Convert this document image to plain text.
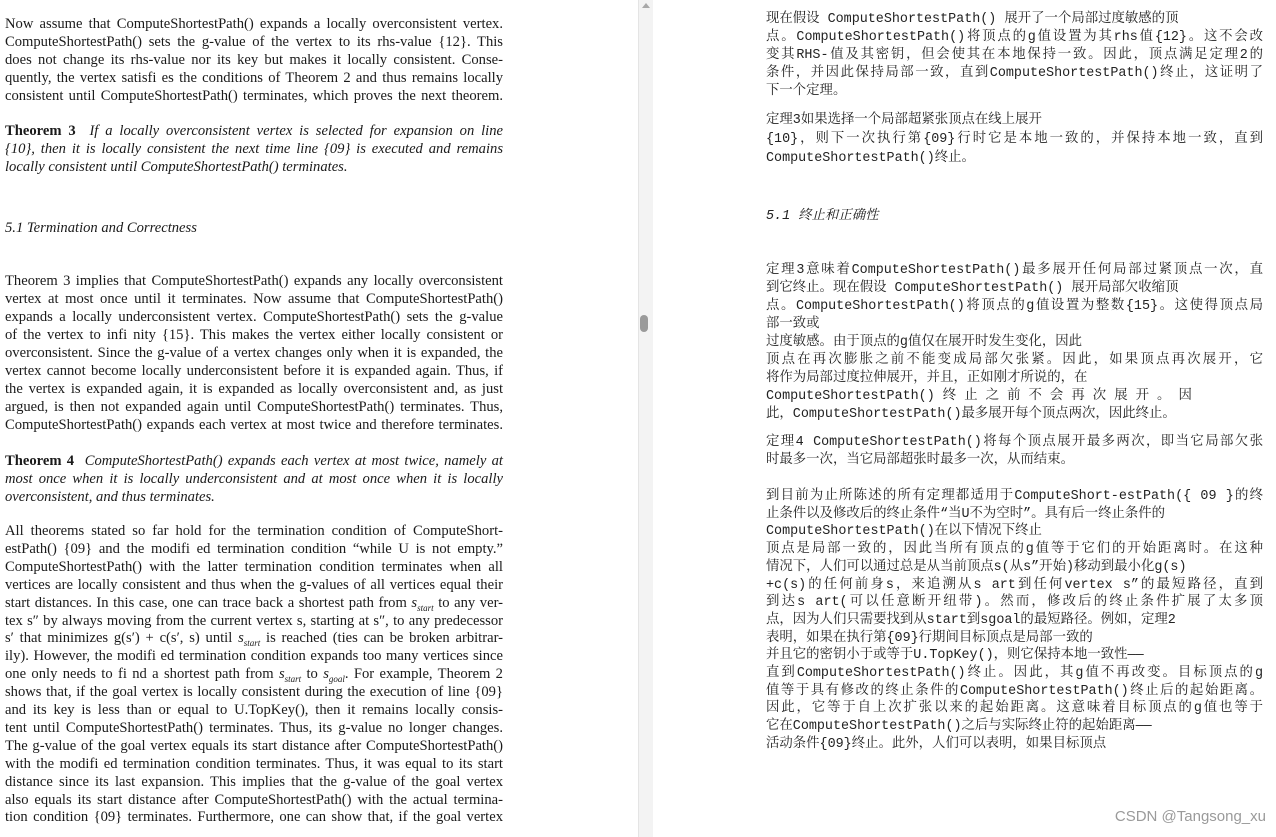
Now assume that ComputeShortestPath() expands a locally overconsistent vertex.
ComputeShortestPath() sets the g-value of the vertex to its rhs-value {12}. This
does not change its rhs-value nor its key but makes it locally consistent. Conse-
quently, the vertex satisfi es the conditions of Theorem 2 and thus remains locally
consistent until ComputeShortestPath() terminates, which proves the next theorem.
Theorem 3 If a locally overconsistent vertex is selected for expansion on line
{10}, then it is locally consistent the next time line {09} is executed and remains
locally consistent until ComputeShortestPath() terminates.
5.1 Termination and Correctness
Theorem 3 implies that ComputeShortestPath() expands any locally overconsistent
vertex at most once until it terminates. Now assume that ComputeShortestPath()
expands a locally underconsistent vertex. ComputeShortestPath() sets the g-value
of the vertex to infi nity {15}. This makes the vertex either locally consistent or
overconsistent. Since the g-value of a vertex changes only when it is expanded, the
vertex cannot become locally underconsistent before it is expanded again. Thus, if
the vertex is expanded again, it is expanded as locally overconsistent and, as just
argued, is then not expanded again until ComputeShortestPath() terminates. Thus,
ComputeShortestPath() expands each vertex at most twice and therefore terminates.
Theorem 4 ComputeShortestPath() expands each vertex at most twice, namely at
most once when it is locally underconsistent and at most once when it is locally
overconsistent, and thus terminates.
All theorems stated so far hold for the termination condition of ComputeShort-
estPath() {09} and the modifi ed termination condition “while U is not empty.”
ComputeShortestPath() with the latter termination condition terminates when all
vertices are locally consistent and thus when the g-values of all vertices equal their
start distances. In this case, one can trace back a shortest path from $s_{start}$ to any ver-
tex s″ by always moving from the current vertex s, starting at s″, to any predecessor
s′ that minimizes g(s′) + c(s′, s) until $s_{start}$ is reached (ties can be broken arbitrar-
ily). However, the modifi ed termination condition expands too many vertices since
one only needs to fi nd a shortest path from $s_{start}$ to $s_{goal}$. For example, Theorem 2
shows that, if the goal vertex is locally consistent during the execution of line {09}
and its key is less than or equal to U.TopKey(), then it remains locally consis-
tent until ComputeShortestPath() terminates. Thus, its g-value no longer changes.
The g-value of the goal vertex equals its start distance after ComputeShortestPath()
with the modifi ed termination condition terminates. Thus, it was equal to its start
distance since its last expansion. This implies that the g-value of the goal vertex
also equals its start distance after ComputeShortestPath() with the actual termina-
tion condition {09} terminates. Furthermore, one can show that, if the goal vertex	CSDN @Tangsong_xu
现在假设 ComputeShortestPath() 展开了一个局部过度敏感的顶
点。ComputeShortestPath()将顶点的g值设置为其rhs值{12}。这不会改
变其RHS-值及其密钥，但会使其在本地保持一致。因此，顶点满足定理2的
条件，并因此保持局部一致，直到ComputeShortestPath()终止，这证明了
下一个定理。
定理3如果选择一个局部超紧张顶点在线上展开
{10}，则下一次执行第{09}行时它是本地一致的，并保持本地一致，直到
ComputeShortestPath()终止。
5.1 终止和正确性
定理3意味着ComputeShortestPath()最多展开任何局部过紧顶点一次，直
到它终止。现在假设 ComputeShortestPath() 展开局部欠收缩顶
点。ComputeShortestPath()将顶点的g值设置为整数{15}。这使得顶点局
部一致或
过度敏感。由于顶点的g值仅在展开时发生变化，因此
顶点在再次膨胀之前不能变成局部欠张紧。因此，如果顶点再次展开，它
将作为局部过度拉伸展开，并且，正如刚才所说的，在
ComputeShortestPath() 终 止 之 前 不 会 再 次 展 开 。 因
此，ComputeShortestPath()最多展开每个顶点两次，因此终止。
定理4 ComputeShortestPath()将每个顶点展开最多两次，即当它局部欠张
时最多一次，当它局部超张时最多一次，从而结束。
到目前为止所陈述的所有定理都适用于ComputeShort-estPath({ 09 }的终
止条件以及修改后的终止条件“当U不为空时”。具有后一终止条件的
ComputeShortestPath()在以下情况下终止
顶点是局部一致的，因此当所有顶点的g值等于它们的开始距离时。在这种
情况下，人们可以通过总是从当前顶点s(从s”开始)移动到最小化g(s)
+c(s)的任何前身s，来追溯从s art到任何vertex s”的最短路径，直到
到达s art(可以任意断开纽带)。然而，修改后的终止条件扩展了太多顶
点，因为人们只需要找到从start到sgoal的最短路径。例如，定理2
表明，如果在执行第{09}行期间目标顶点是局部一致的
并且它的密钥小于或等于U.TopKey()，则它保持本地一致性——
直到ComputeShortestPath()终止。因此，其g值不再改变。目标顶点的g
值等于具有修改的终止条件的ComputeShortestPath()终止后的起始距离。
因此，它等于自上次扩张以来的起始距离。这意味着目标顶点的g值也等于
它在ComputeShortestPath()之后与实际终止符的起始距离——
活动条件{09}终止。此外，人们可以表明，如果目标顶点
